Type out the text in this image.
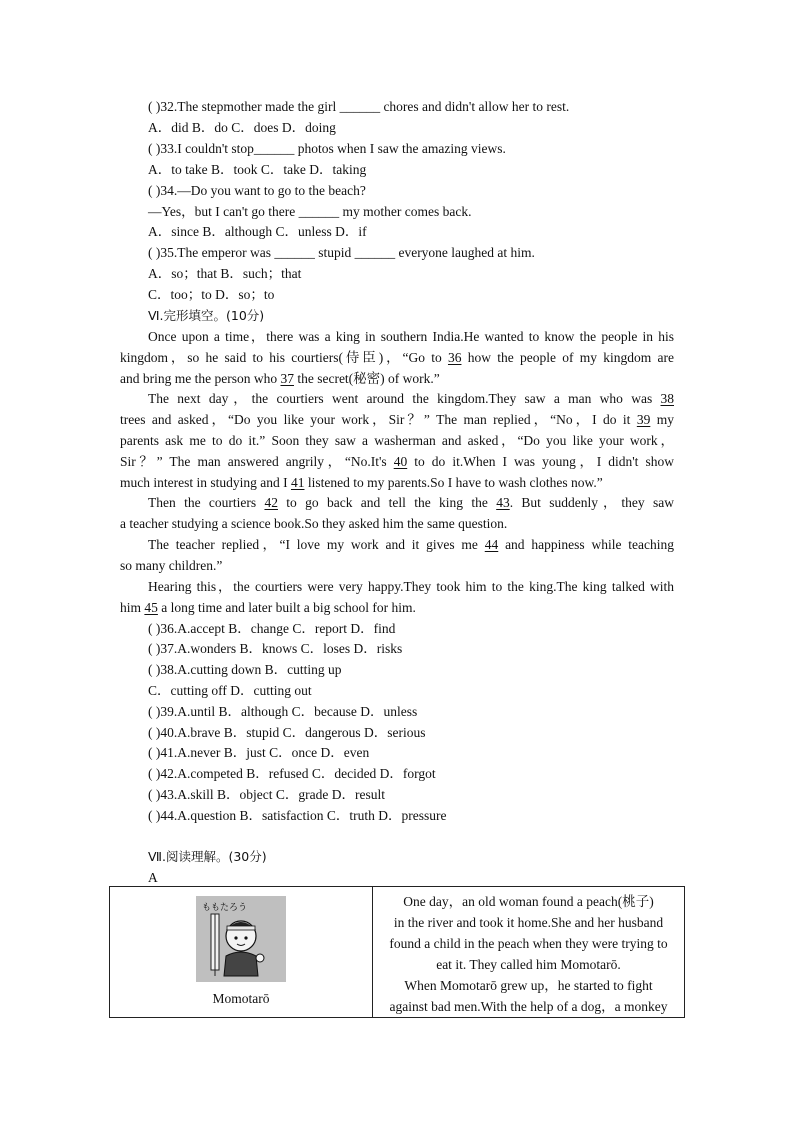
( )32.The stepmother made the girl ______ chores and didn't allow her to rest.
A．did B．do C．does D．doing
( )33.I couldn't stop______ photos when I saw the amazing views.
A．to take B．took C．take D．taking
( )34.—Do you want to go to the beach?
—Yes，but I can't go there ______ my mother comes back.
A．since B．although C．unless D．if
( )35.The emperor was ______ stupid ______ everyone laughed at him.
A．so；that B．such；that
C．too；to D．so；to
Ⅵ.完形填空。(10分)
Once upon a time，there was a king in southern India.He wanted to know the people in his
kingdom，so he said to his courtiers(侍臣)，“Go to 36 how the people of my kingdom are
and bring me the person who 37 the secret(秘密) of work.”
The next day，the courtiers went around the kingdom.They saw a man who was 38
trees and asked，“Do you like your work，Sir？” The man replied，“No，I do it 39 my
parents ask me to do it.” Soon they saw a washerman and asked，“Do you like your work，
Sir？” The man answered angrily，“No.It's 40 to do it.When I was young，I didn't show
much interest in studying and I 41 listened to my parents.So I have to wash clothes now.”
Then the courtiers 42 to go back and tell the king the 43. But suddenly，they saw
a teacher studying a science book.So they asked him the same question.
The teacher replied，“I love my work and it gives me 44 and happiness while teaching
so many children.”
Hearing this，the courtiers were very happy.They took him to the king.The king talked with
him 45 a long time and later built a big school for him.
( )36.A.accept B．change C．report D．find
( )37.A.wonders B．knows C．loses D．risks
( )38.A.cutting down B．cutting up
C．cutting off D．cutting out
( )39.A.until B．although C．because D．unless
( )40.A.brave B．stupid C．dangerous D．serious
( )41.A.never B．just C．once D．even
( )42.A.competed B．refused C．decided D．forgot
( )43.A.skill B．object C．grade D．result
( )44.A.question B．satisfaction C．truth D．pressure
Ⅶ.阅读理解。(30分)
A
ももたろう
Momotarō

One day，an old woman found a peach(桃子)
in the river and took it home.She and her husband
found a child in the peach when they were trying to
eat it. They called him Momotarō.
When Momotarō grew up，he started to fight
against bad men.With the help of a dog，a monkey
